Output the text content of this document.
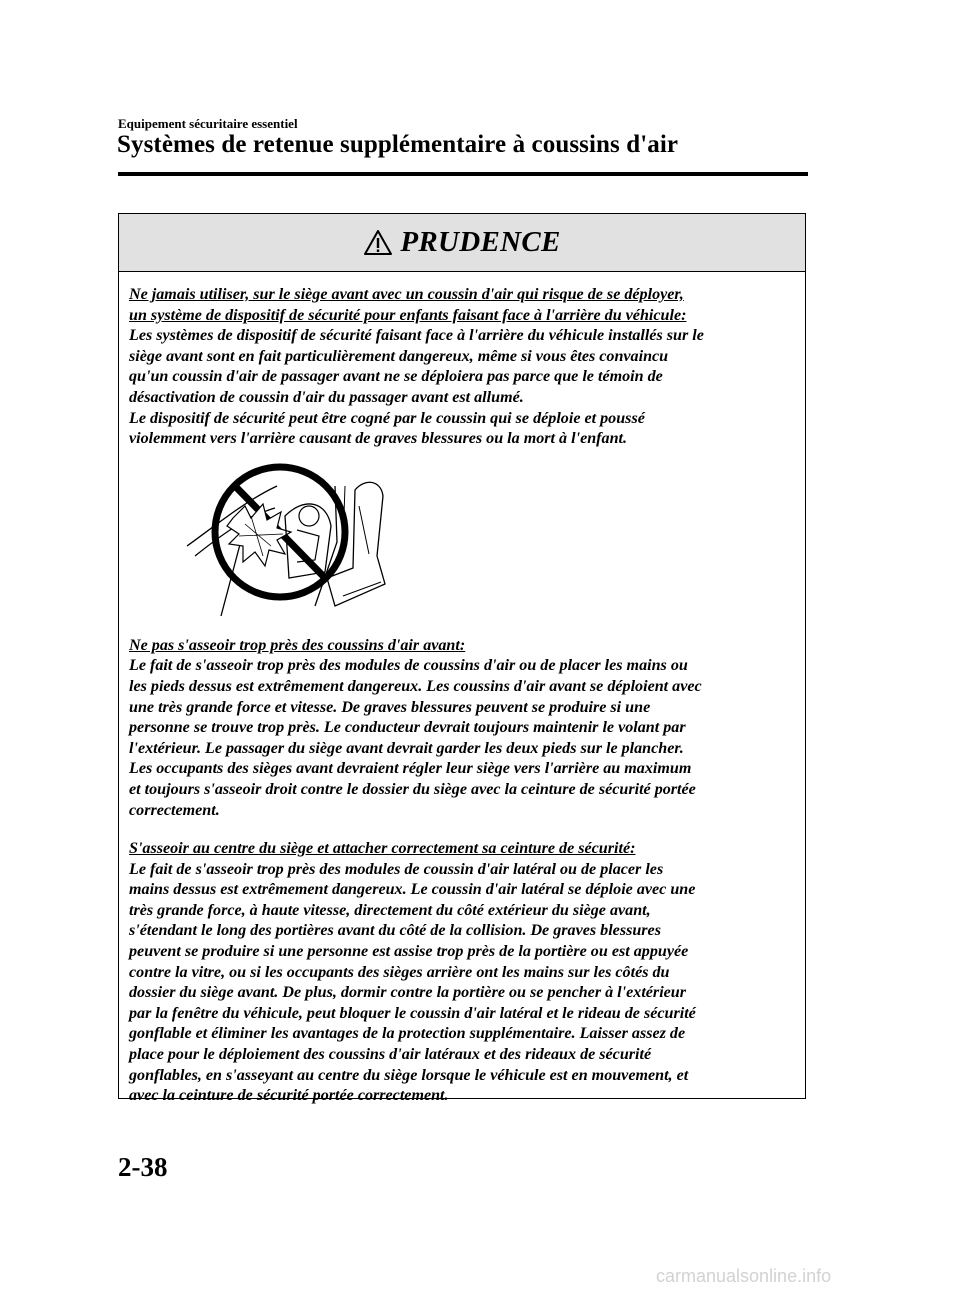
Equipement sécuritaire essentiel
Systèmes de retenue supplémentaire à coussins d'air
PRUDENCE
Ne jamais utiliser, sur le siège avant avec un coussin d'air qui risque de se déployer,
un système de dispositif de sécurité pour enfants faisant face à l'arrière du véhicule:
Les systèmes de dispositif de sécurité faisant face à l'arrière du véhicule installés sur le
siège avant sont en fait particulièrement dangereux, même si vous êtes convaincu
qu'un coussin d'air de passager avant ne se déploiera pas parce que le témoin de
désactivation de coussin d'air du passager avant est allumé.
Le dispositif de sécurité peut être cogné par le coussin qui se déploie et poussé
violemment vers l'arrière causant de graves blessures ou la mort à l'enfant.
Ne pas s'asseoir trop près des coussins d'air avant:
Le fait de s'asseoir trop près des modules de coussins d'air ou de placer les mains ou
les pieds dessus est extrêmement dangereux. Les coussins d'air avant se déploient avec
une très grande force et vitesse. De graves blessures peuvent se produire si une
personne se trouve trop près. Le conducteur devrait toujours maintenir le volant par
l'extérieur. Le passager du siège avant devrait garder les deux pieds sur le plancher.
Les occupants des sièges avant devraient régler leur siège vers l'arrière au maximum
et toujours s'asseoir droit contre le dossier du siège avec la ceinture de sécurité portée
correctement.
S'asseoir au centre du siège et attacher correctement sa ceinture de sécurité:
Le fait de s'asseoir trop près des modules de coussin d'air latéral ou de placer les
mains dessus est extrêmement dangereux. Le coussin d'air latéral se déploie avec une
très grande force, à haute vitesse, directement du côté extérieur du siège avant,
s'étendant le long des portières avant du côté de la collision. De graves blessures
peuvent se produire si une personne est assise trop près de la portière ou est appuyée
contre la vitre, ou si les occupants des sièges arrière ont les mains sur les côtés du
dossier du siège avant. De plus, dormir contre la portière ou se pencher à l'extérieur
par la fenêtre du véhicule, peut bloquer le coussin d'air latéral et le rideau de sécurité
gonflable et éliminer les avantages de la protection supplémentaire. Laisser assez de
place pour le déploiement des coussins d'air latéraux et des rideaux de sécurité
gonflables, en s'asseyant au centre du siège lorsque le véhicule est en mouvement, et
avec la ceinture de sécurité portée correctement.
2-38
carmanualsonline.info
